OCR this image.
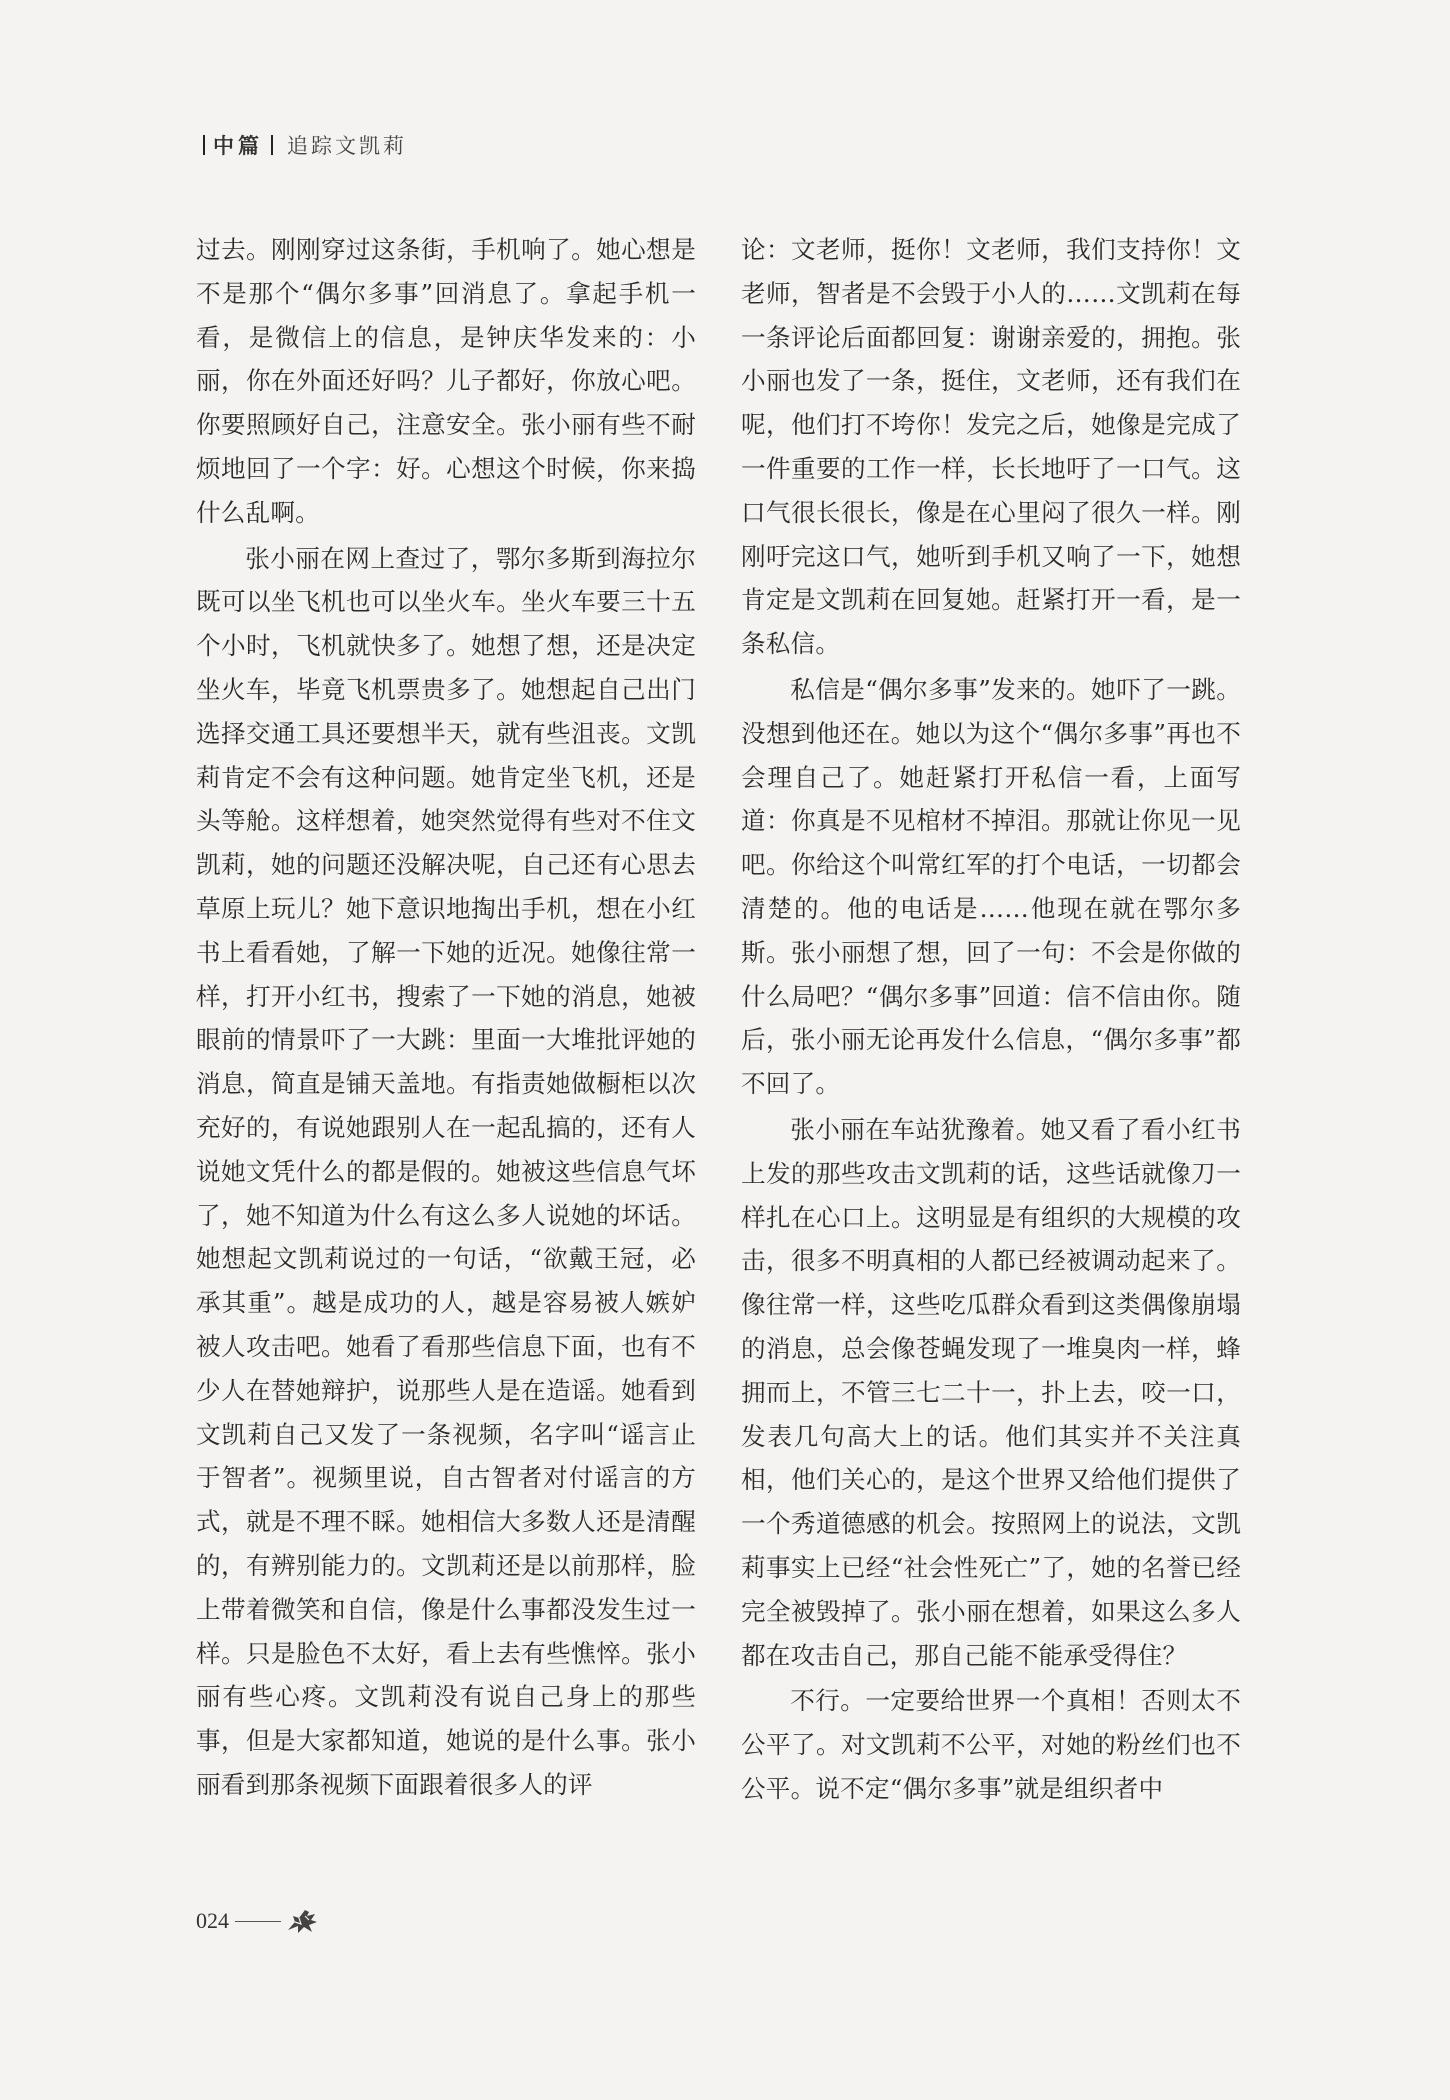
中篇 追踪文凯莉

过去。刚刚穿过这条街，手机响了。她心想是不是那个“偶尔多事”回消息了。拿起手机一看，是微信上的信息，是钟庆华发来的：小丽，你在外面还好吗？儿子都好，你放心吧。你要照顾好自己，注意安全。张小丽有些不耐烦地回了一个字：好。心想这个时候，你来捣什么乱啊。

张小丽在网上查过了，鄂尔多斯到海拉尔既可以坐飞机也可以坐火车。坐火车要三十五个小时，飞机就快多了。她想了想，还是决定坐火车，毕竟飞机票贵多了。她想起自己出门选择交通工具还要想半天，就有些沮丧。文凯莉肯定不会有这种问题。她肯定坐飞机，还是头等舱。这样想着，她突然觉得有些对不住文凯莉，她的问题还没解决呢，自己还有心思去草原上玩儿？她下意识地掏出手机，想在小红书上看看她，了解一下她的近况。她像往常一样，打开小红书，搜索了一下她的消息，她被眼前的情景吓了一大跳：里面一大堆批评她的消息，简直是铺天盖地。有指责她做橱柜以次充好的，有说她跟别人在一起乱搞的，还有人说她文凭什么的都是假的。她被这些信息气坏了，她不知道为什么有这么多人说她的坏话。她想起文凯莉说过的一句话，“欲戴王冠，必承其重”。越是成功的人，越是容易被人嫉妒被人攻击吧。她看了看那些信息下面，也有不少人在替她辩护，说那些人是在造谣。她看到文凯莉自己又发了一条视频，名字叫“谣言止于智者”。视频里说，自古智者对付谣言的方式，就是不理不睬。她相信大多数人还是清醒的，有辨别能力的。文凯莉还是以前那样，脸上带着微笑和自信，像是什么事都没发生过一样。只是脸色不太好，看上去有些憔悴。张小丽有些心疼。文凯莉没有说自己身上的那些事，但是大家都知道，她说的是什么事。张小丽看到那条视频下面跟着很多人的评

论：文老师，挺你！文老师，我们支持你！文老师，智者是不会毁于小人的……文凯莉在每一条评论后面都回复：谢谢亲爱的，拥抱。张小丽也发了一条，挺住，文老师，还有我们在呢，他们打不垮你！发完之后，她像是完成了一件重要的工作一样，长长地吁了一口气。这口气很长很长，像是在心里闷了很久一样。刚刚吁完这口气，她听到手机又响了一下，她想肯定是文凯莉在回复她。赶紧打开一看，是一条私信。

私信是“偶尔多事”发来的。她吓了一跳。没想到他还在。她以为这个“偶尔多事”再也不会理自己了。她赶紧打开私信一看，上面写道：你真是不见棺材不掉泪。那就让你见一见吧。你给这个叫常红军的打个电话，一切都会清楚的。他的电话是……他现在就在鄂尔多斯。张小丽想了想，回了一句：不会是你做的什么局吧？“偶尔多事”回道：信不信由你。随后，张小丽无论再发什么信息，“偶尔多事”都不回了。

张小丽在车站犹豫着。她又看了看小红书上发的那些攻击文凯莉的话，这些话就像刀一样扎在心口上。这明显是有组织的大规模的攻击，很多不明真相的人都已经被调动起来了。像往常一样，这些吃瓜群众看到这类偶像崩塌的消息，总会像苍蝇发现了一堆臭肉一样，蜂拥而上，不管三七二十一，扑上去，咬一口，发表几句高大上的话。他们其实并不关注真相，他们关心的，是这个世界又给他们提供了一个秀道德感的机会。按照网上的说法，文凯莉事实上已经“社会性死亡”了，她的名誉已经完全被毁掉了。张小丽在想着，如果这么多人都在攻击自己，那自己能不能承受得住？

不行。一定要给世界一个真相！否则太不公平了。对文凯莉不公平，对她的粉丝们也不公平。说不定“偶尔多事”就是组织者中

024
